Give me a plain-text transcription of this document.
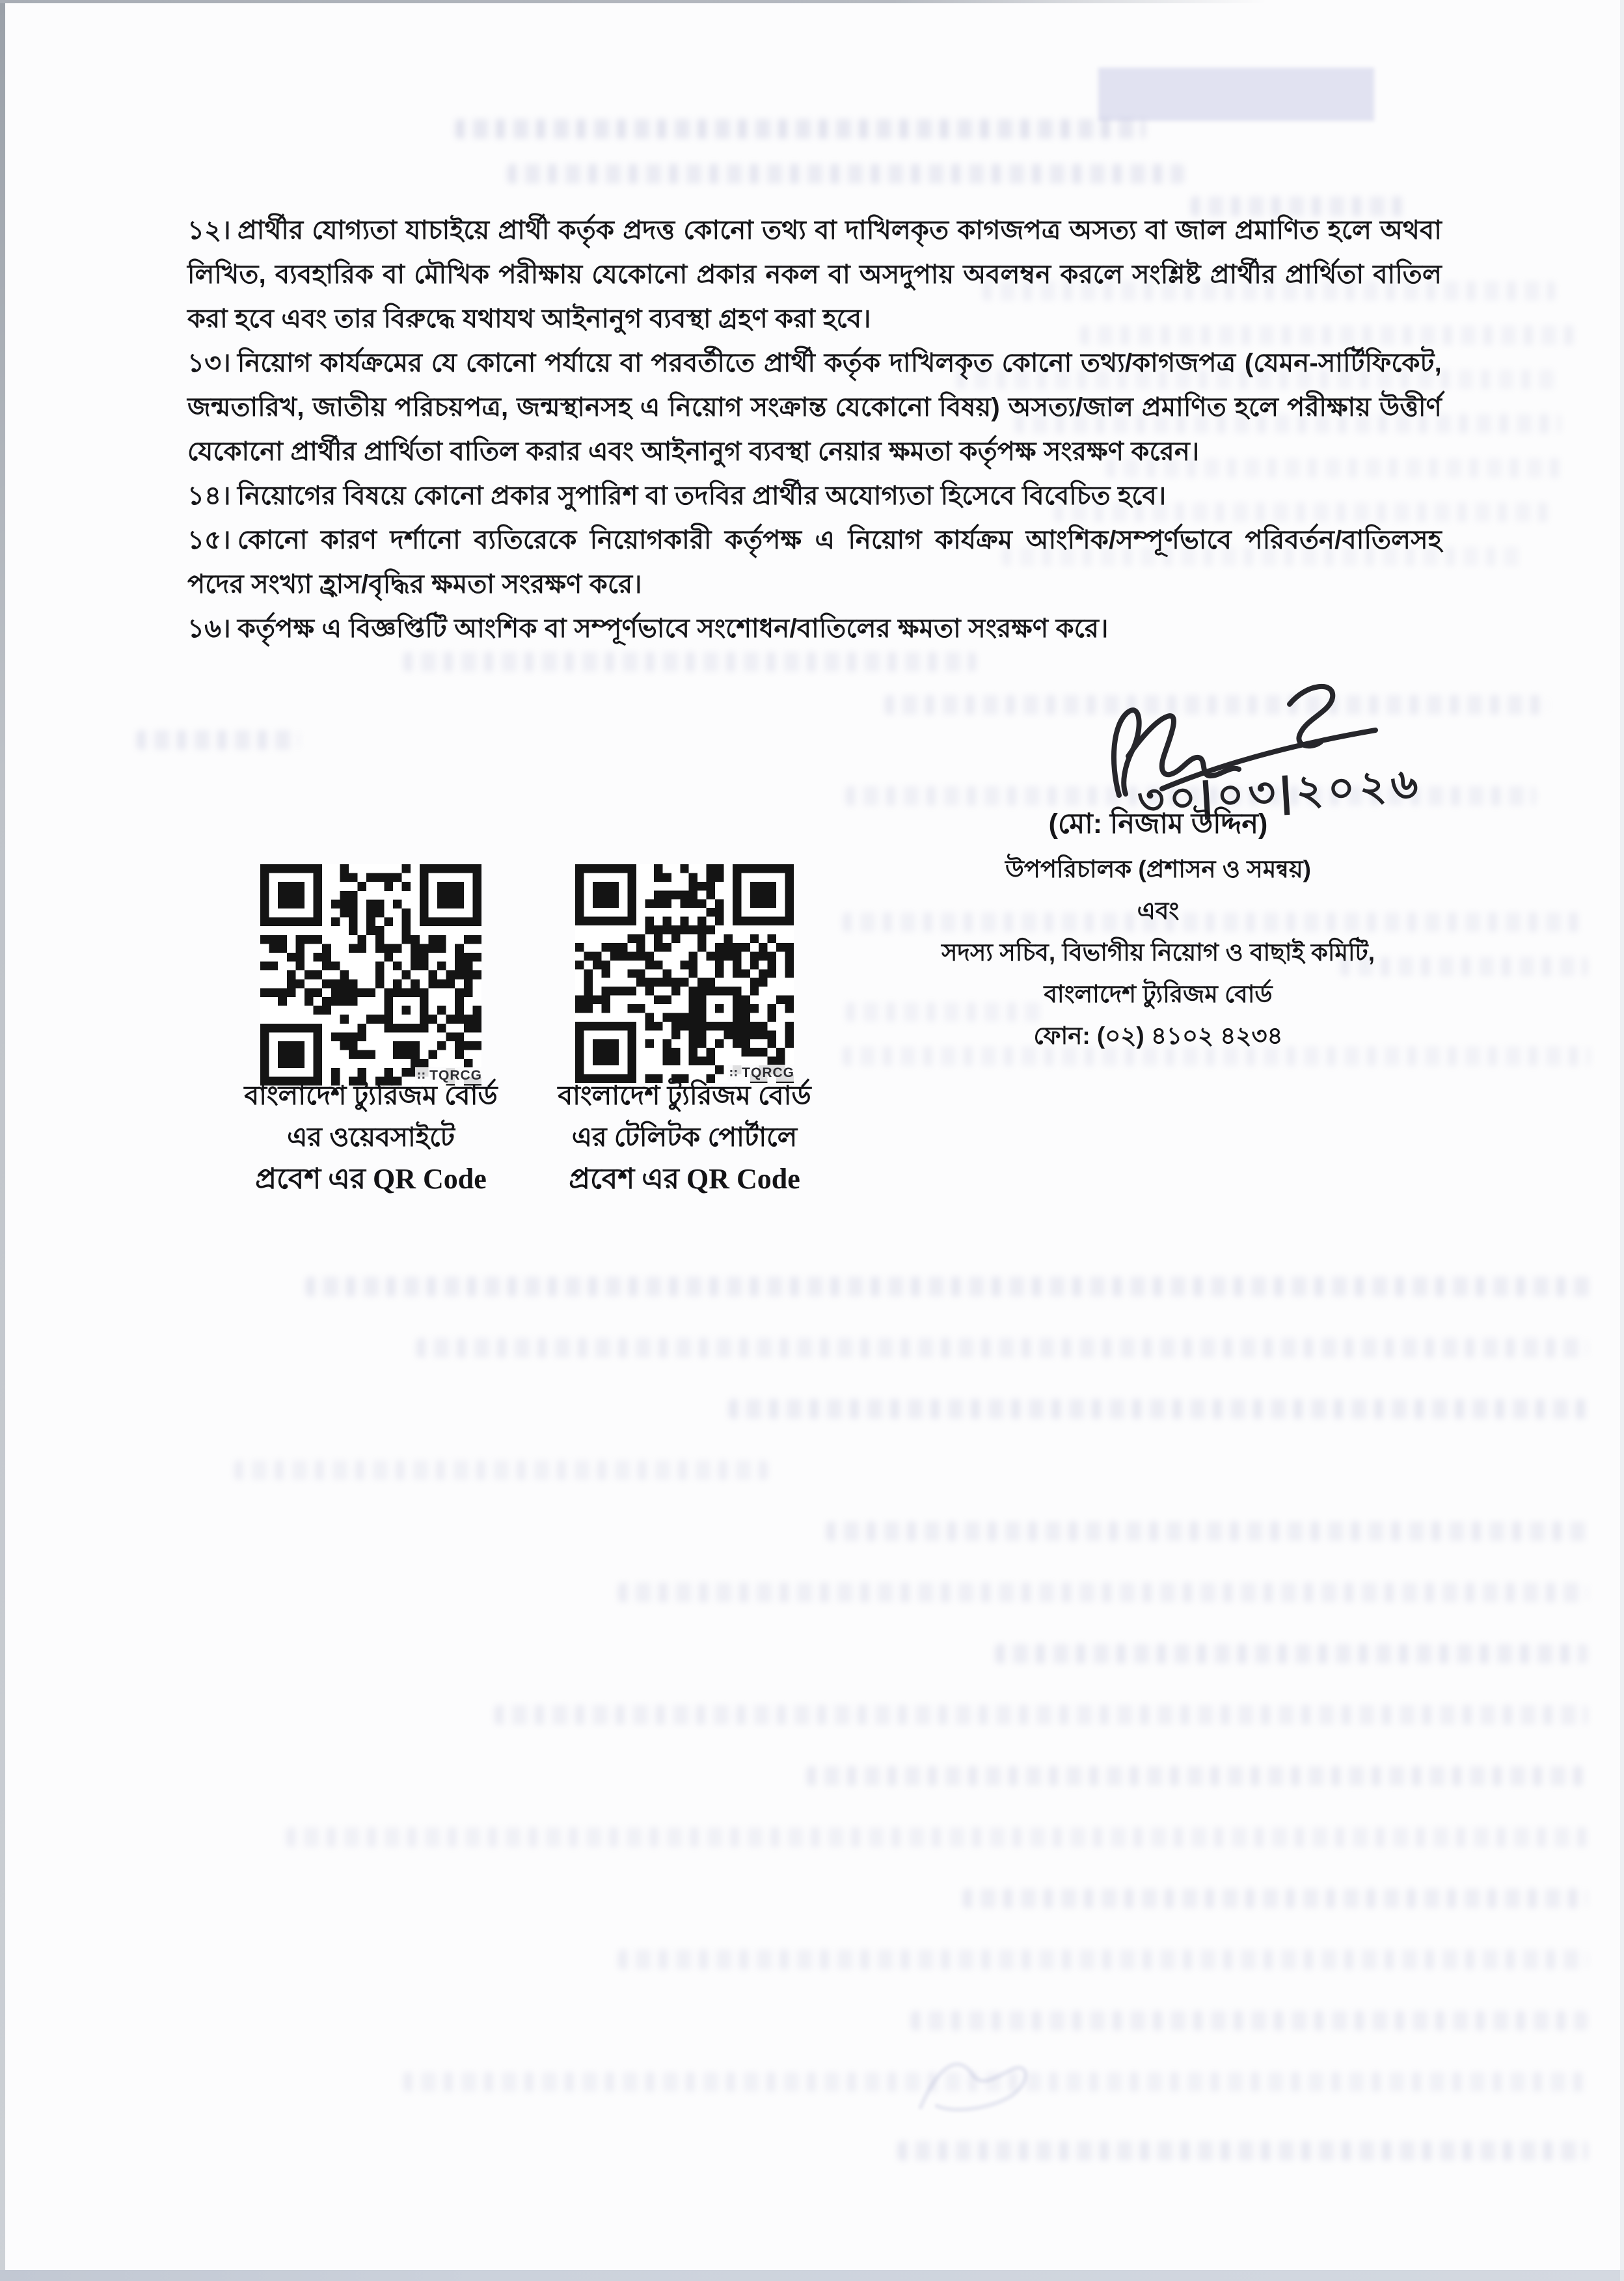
১২। প্রার্থীর যোগ্যতা যাচাইয়ে প্রার্থী কর্তৃক প্রদত্ত কোনো তথ্য বা দাখিলকৃত কাগজপত্র অসত্য বা জাল প্রমাণিত হলে অথবা লিখিত, ব্যবহারিক বা মৌখিক পরীক্ষায় যেকোনো প্রকার নকল বা অসদুপায় অবলম্বন করলে সংশ্লিষ্ট প্রার্থীর প্রার্থিতা বাতিল করা হবে এবং তার বিরুদ্ধে যথাযথ আইনানুগ ব্যবস্থা গ্রহণ করা হবে।

১৩। নিয়োগ কার্যক্রমের যে কোনো পর্যায়ে বা পরবর্তীতে প্রার্থী কর্তৃক দাখিলকৃত কোনো তথ্য/কাগজপত্র (যেমন-সার্টিফিকেট, জন্মতারিখ, জাতীয় পরিচয়পত্র, জন্মস্থানসহ এ নিয়োগ সংক্রান্ত যেকোনো বিষয়) অসত্য/জাল প্রমাণিত হলে পরীক্ষায় উত্তীর্ণ যেকোনো প্রার্থীর প্রার্থিতা বাতিল করার এবং আইনানুগ ব্যবস্থা নেয়ার ক্ষমতা কর্তৃপক্ষ সংরক্ষণ করেন।

১৪। নিয়োগের বিষয়ে কোনো প্রকার সুপারিশ বা তদবির প্রার্থীর অযোগ্যতা হিসেবে বিবেচিত হবে।

১৫। কোনো কারণ দর্শানো ব্যতিরেকে নিয়োগকারী কর্তৃপক্ষ এ নিয়োগ কার্যক্রম আংশিক/সম্পূর্ণভাবে পরিবর্তন/বাতিলসহ পদের সংখ্যা হ্রাস/বৃদ্ধির ক্ষমতা সংরক্ষণ করে।

১৬। কর্তৃপক্ষ এ বিজ্ঞপ্তিটি আংশিক বা সম্পূর্ণভাবে সংশোধন/বাতিলের ক্ষমতা সংরক্ষণ করে।

৩০|০৩|২০২৬
(মো: নিজাম উদ্দিন)
উপপরিচালক (প্রশাসন ও সমন্বয়)
এবং
সদস্য সচিব, বিভাগীয় নিয়োগ ও বাছাই কমিটি,
বাংলাদেশ ট্যুরিজম বোর্ড
ফোন: (০২) ৪১০২ ৪২৩৪
∷ TQRCG	∷ TQRCG
বাংলাদেশ ট্যুরিজম বোর্ড
এর ওয়েবসাইটে
প্রবেশ এর QR Code
বাংলাদেশ ট্যুরিজম বোর্ড
এর টেলিটক পোর্টালে
প্রবেশ এর QR Code
